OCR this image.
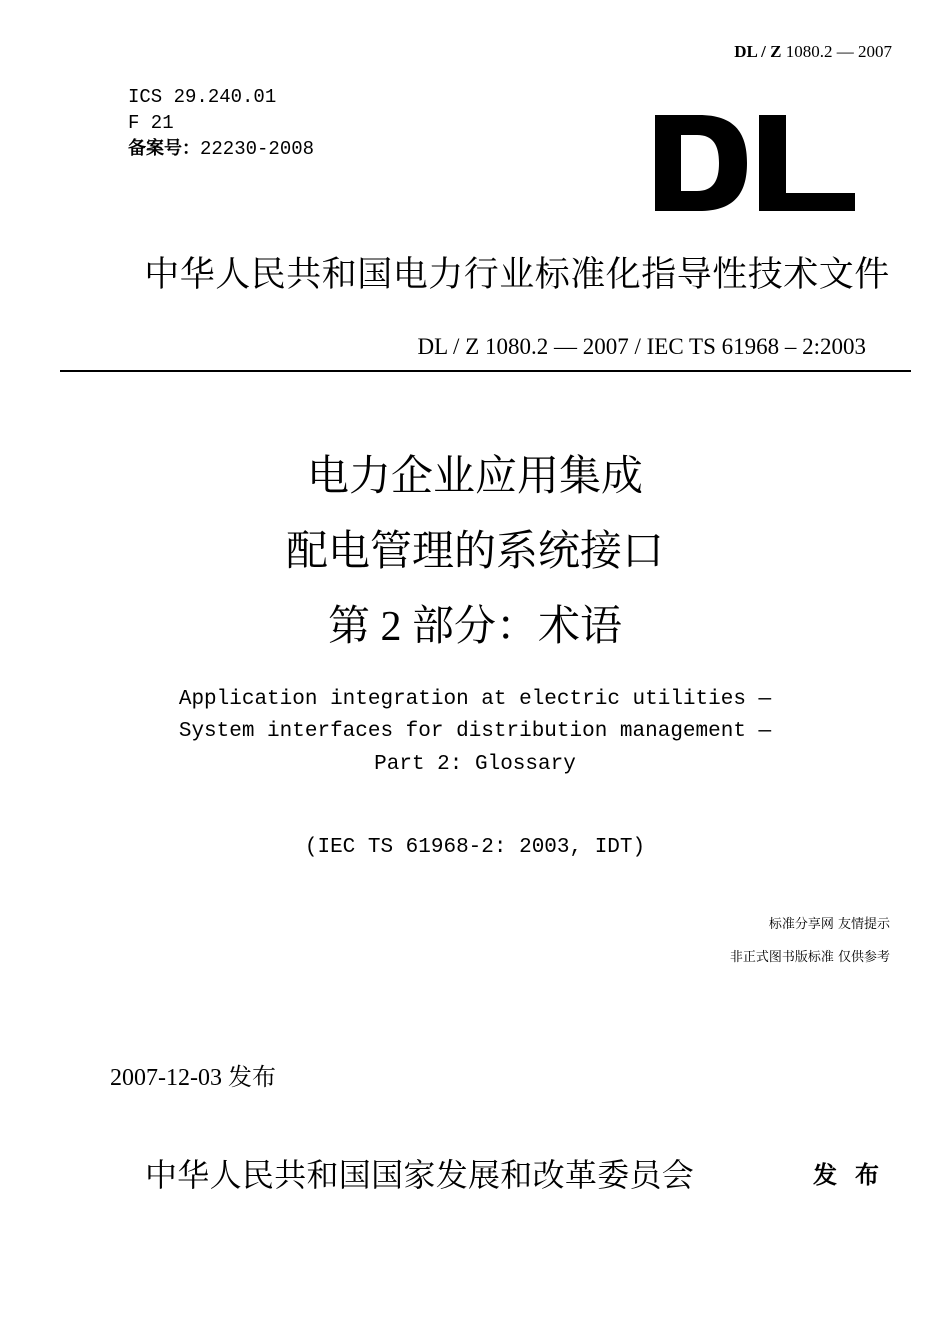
DL / Z 1080.2 — 2007
ICS 29.240.01
F 21
备案号：22230-2008
中华人民共和国电力行业标准化指导性技术文件
DL / Z 1080.2 — 2007 / IEC TS 61968 – 2:2003
电力企业应用集成
配电管理的系统接口
第 2 部分：术语
Application integration at electric utilities —
System interfaces for distribution management —
Part 2: Glossary
(IEC TS 61968-2: 2003, IDT)
标准分享网 友情提示
非正式图书版标准 仅供参考
2007-12-03 发布
中华人民共和国国家发展和改革委员会	发布
